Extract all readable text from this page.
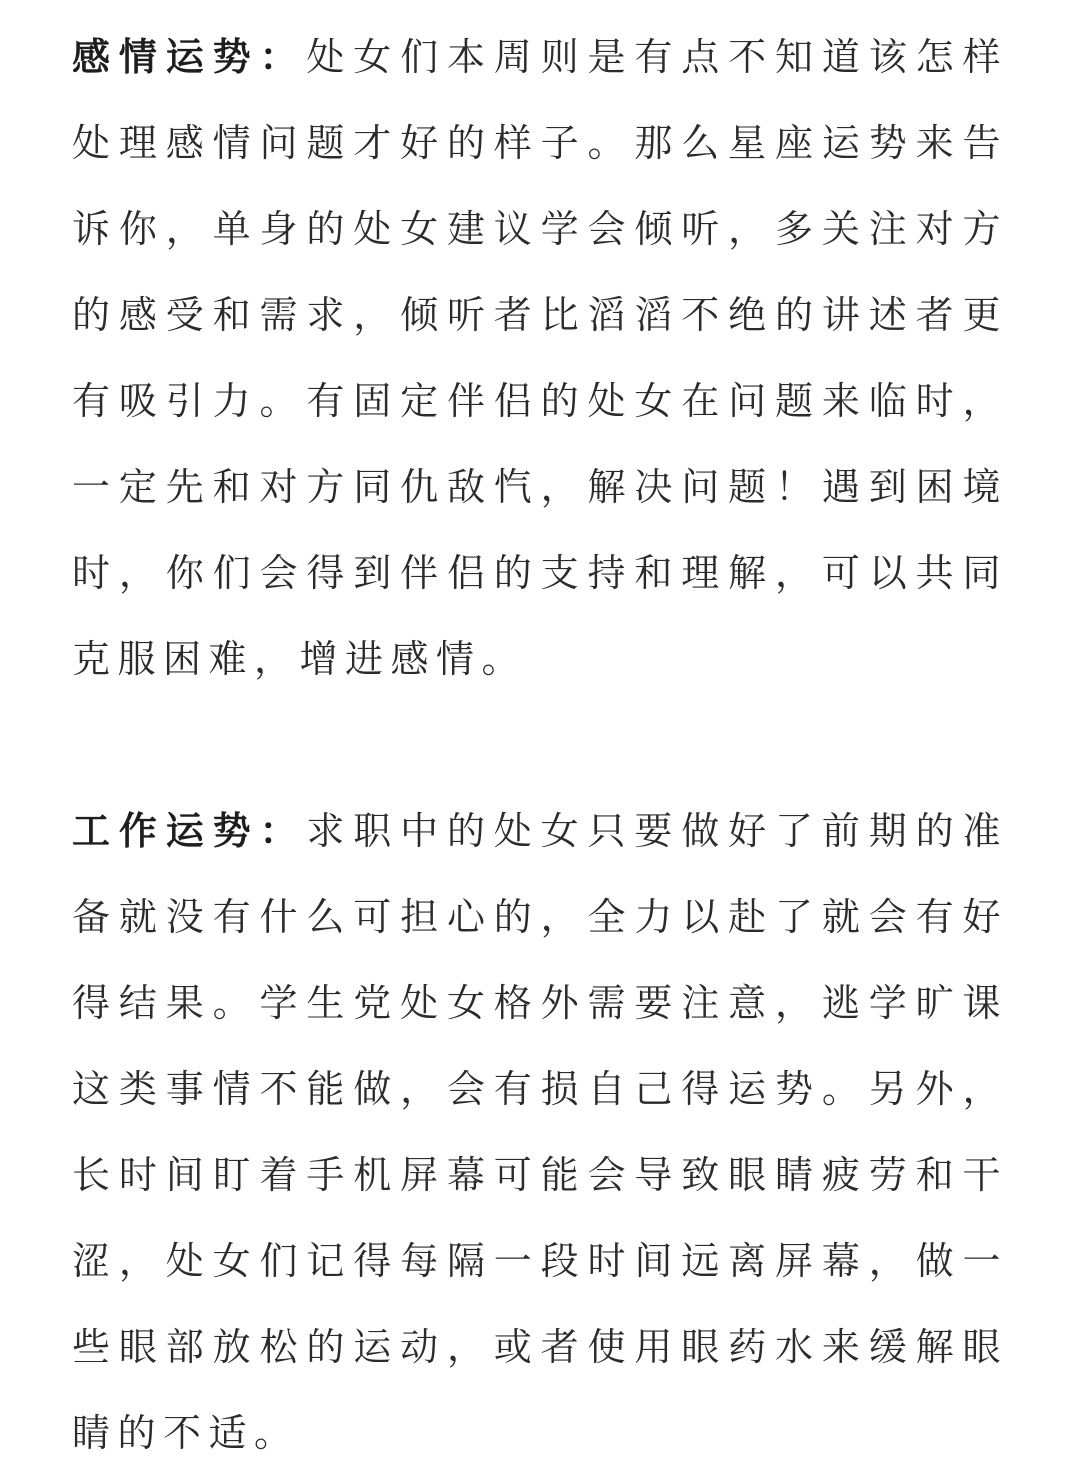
感情运势：处女们本周则是有点不知道该怎样处理感情问题才好的样子。那么星座运势来告诉你，单身的处女建议学会倾听，多关注对方的感受和需求，倾听者比滔滔不绝的讲述者更有吸引力。有固定伴侣的处女在问题来临时，一定先和对方同仇敌忾，解决问题！遇到困境时，你们会得到伴侣的支持和理解，可以共同克服困难，增进感情。

工作运势：求职中的处女只要做好了前期的准备就没有什么可担心的，全力以赴了就会有好得结果。学生党处女格外需要注意，逃学旷课这类事情不能做，会有损自己得运势。另外，长时间盯着手机屏幕可能会导致眼睛疲劳和干涩，处女们记得每隔一段时间远离屏幕，做一些眼部放松的运动，或者使用眼药水来缓解眼睛的不适。
